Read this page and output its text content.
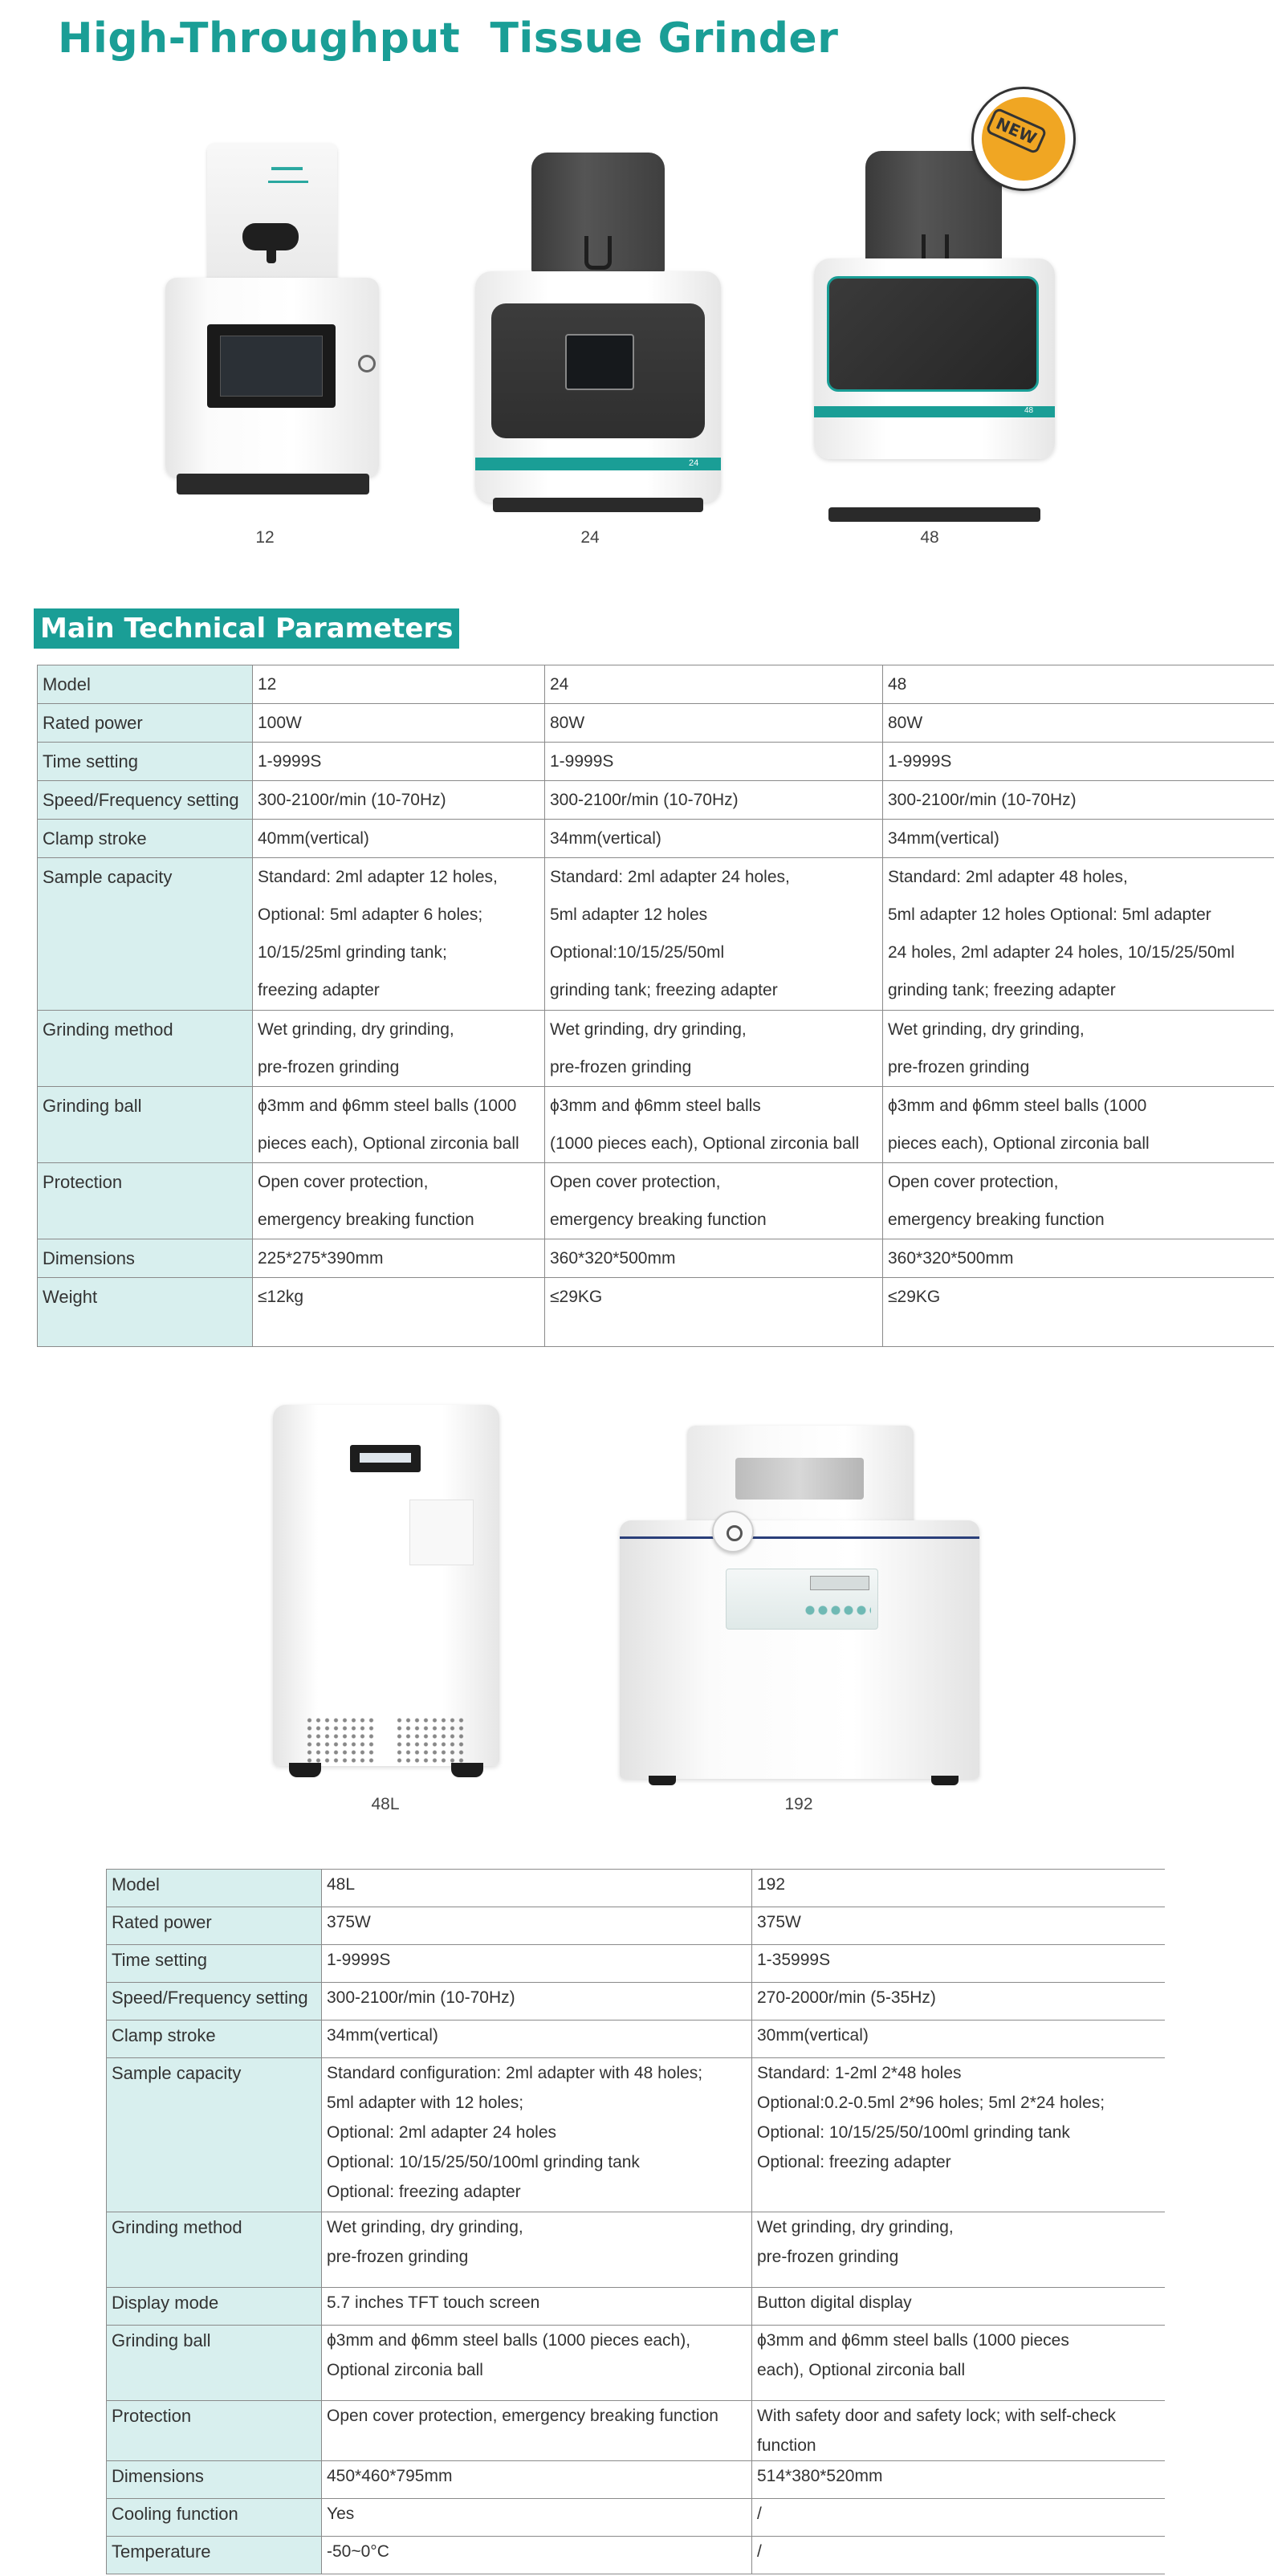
High-Throughput  Tissue Grinder
▬▬▬
▬▬▬▬▬
12
24
24
48
NEW
48
Main Technical Parameters
Model	12	24	48

Rated power	100W	80W	80W

Time setting	1-9999S	1-9999S	1-9999S

Speed/Frequency setting	300-2100r/min (10-70Hz)	300-2100r/min (10-70Hz)	300-2100r/min (10-70Hz)

Clamp stroke	40mm(vertical)	34mm(vertical)	34mm(vertical)

Sample capacity	Standard: 2ml adapter 12 holes,
Optional: 5ml adapter 6 holes;
10/15/25ml grinding tank;
freezing adapter	Standard: 2ml adapter 24 holes,
5ml adapter 12 holes
Optional:10/15/25/50ml
grinding tank; freezing adapter	Standard: 2ml adapter 48 holes,
5ml adapter 12 holes Optional: 5ml adapter
24 holes, 2ml adapter 24 holes, 10/15/25/50ml
grinding tank; freezing adapter

Grinding method	Wet grinding, dry grinding,
pre-frozen grinding	Wet grinding, dry grinding,
pre-frozen grinding	Wet grinding, dry grinding,
pre-frozen grinding

Grinding ball	ϕ3mm and ϕ6mm steel balls (1000
pieces each), Optional zirconia ball	ϕ3mm and ϕ6mm steel balls
(1000 pieces each), Optional zirconia ball	ϕ3mm and ϕ6mm steel balls (1000
pieces each), Optional zirconia ball

Protection	Open cover protection,
emergency breaking function	Open cover protection,
emergency breaking function	Open cover protection,
emergency breaking function

Dimensions	225*275*390mm	360*320*500mm	360*320*500mm

Weight	≤12kg	≤29KG	≤29KG
48L	192
Model	48L	192

Rated power	375W	375W

Time setting	1-9999S	1-35999S

Speed/Frequency setting	300-2100r/min (10-70Hz)	270-2000r/min (5-35Hz)

Clamp stroke	34mm(vertical)	30mm(vertical)

Sample capacity	Standard configuration: 2ml adapter with 48 holes;
5ml adapter with 12 holes;
Optional: 2ml adapter 24 holes
Optional: 10/15/25/50/100ml grinding tank
Optional: freezing adapter	Standard: 1-2ml 2*48 holes
Optional:0.2-0.5ml 2*96 holes; 5ml 2*24 holes;
Optional: 10/15/25/50/100ml grinding tank
Optional: freezing adapter

Grinding method	Wet grinding, dry grinding,
pre-frozen grinding	Wet grinding, dry grinding,
pre-frozen grinding

Display mode	5.7 inches TFT touch screen	Button digital display

Grinding ball	ϕ3mm and ϕ6mm steel balls (1000 pieces each),
Optional zirconia ball	ϕ3mm and ϕ6mm steel balls (1000 pieces
each), Optional zirconia ball

Protection	Open cover protection, emergency breaking function	With safety door and safety lock; with self-check function

Dimensions	450*460*795mm	514*380*520mm

Cooling function	Yes	/

Temperature	-50~0°C	/
